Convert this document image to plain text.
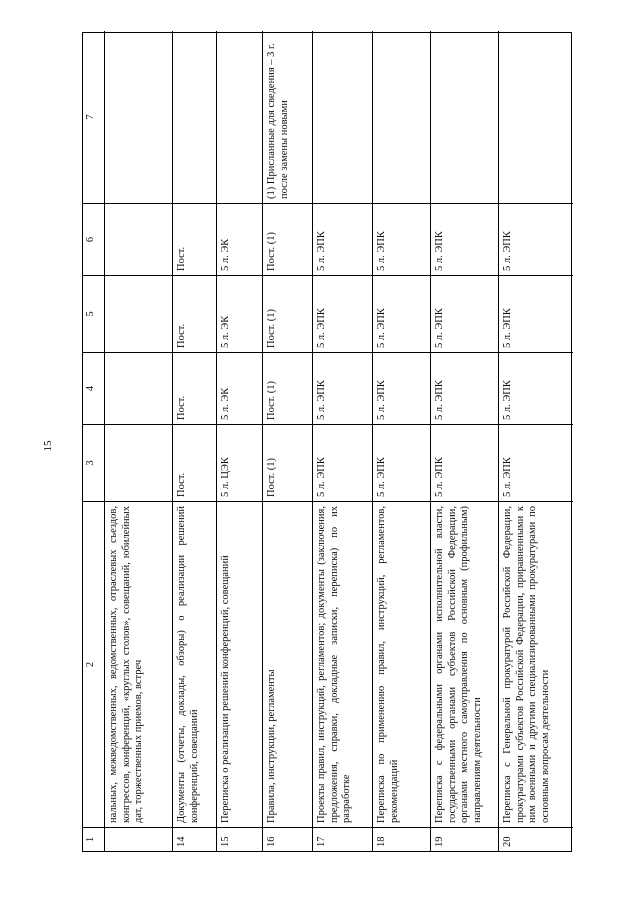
15
1
2
3
4
5
6
7
нальных, межведомственных, ведомственных, отраслевых съездов, конгрессов, конференций, «круглых столов», совещаний, юбилейных дат, торжественных приемов, встреч
14
Документы (отчеты, доклады, обзоры) о реализации решений конференций, совещаний
Пост.
Пост.
Пост.
Пост.
15
Переписка о реализации решений конференций, совещаний
5 л. ЦЭК
5 л. ЭК
5 л. ЭК
5 л. ЭК
16
Правила, инструкции, регламенты
Пост. (1)
Пост. (1)
Пост. (1)
Пост. (1)
(1) Присланные для сведения – 3 г. после замены новыми
17
Проекты правил, инструкций, регламентов; документы (заключения, предложения, справки, докладные записки, переписка) по их разработке
5 л. ЭПК
5 л. ЭПК
5 л. ЭПК
5 л. ЭПК
18
Переписка по применению правил, инструкций, регламентов, рекомендаций
5 л. ЭПК
5 л. ЭПК
5 л. ЭПК
5 л. ЭПК
19
Переписка с федеральными органами исполнительной власти, государственными органами субъектов Российской Федерации, органами местного самоуправления по основным (профильным) направлениям деятельности
5 л. ЭПК
5 л. ЭПК
5 л. ЭПК
5 л. ЭПК
20
Переписка с Генеральной прокуратурой Российской Федерации, прокуратурами субъектов Российской Федерации, приравненными к ним военными и другими специализированными прокуратурами по основным вопросам деятельности
5 л. ЭПК
5 л. ЭПК
5 л. ЭПК
5 л. ЭПК
